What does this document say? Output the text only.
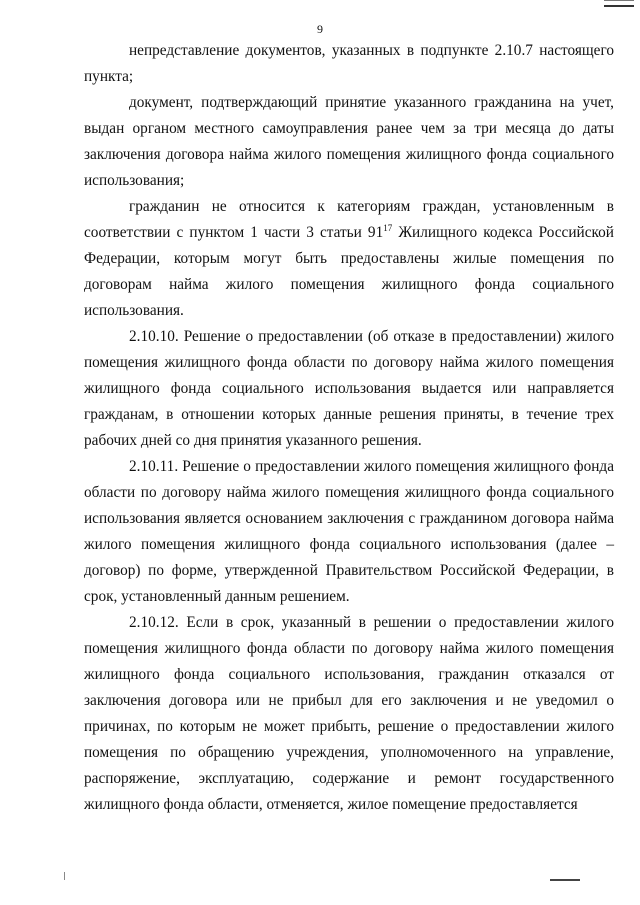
9

непредставление документов, указанных в подпункте 2.10.7 настоящего пункта;

документ, подтверждающий принятие указанного гражданина на учет, выдан органом местного самоуправления ранее чем за три месяца до даты заключения договора найма жилого помещения жилищного фонда социального использования;

гражданин не относится к категориям граждан, установленным в соответствии с пунктом 1 части 3 статьи $91^{17}$ Жилищного кодекса Российской Федерации, которым могут быть предоставлены жилые помещения по договорам найма жилого помещения жилищного фонда социального использования.

2.10.10. Решение о предоставлении (об отказе в предоставлении) жилого помещения жилищного фонда области по договору найма жилого помещения жилищного фонда социального использования выдается или направляется гражданам, в отношении которых данные решения приняты, в течение трех рабочих дней со дня принятия указанного решения.

2.10.11. Решение о предоставлении жилого помещения жилищного фонда области по договору найма жилого помещения жилищного фонда социального использования является основанием заключения с гражданином договора найма жилого помещения жилищного фонда социального использования (далее – договор) по форме, утвержденной Правительством Российской Федерации, в срок, установленный данным решением.

2.10.12. Если в срок, указанный в решении о предоставлении жилого помещения жилищного фонда области по договору найма жилого помещения жилищного фонда социального использования, гражданин отказался от заключения договора или не прибыл для его заключения и не уведомил о причинах, по которым не может прибыть, решение о предоставлении жилого помещения по обращению учреждения, уполномоченного на управление, распоряжение, эксплуатацию, содержание и ремонт государственного жилищного фонда области, отменяется, жилое помещение предоставляется
